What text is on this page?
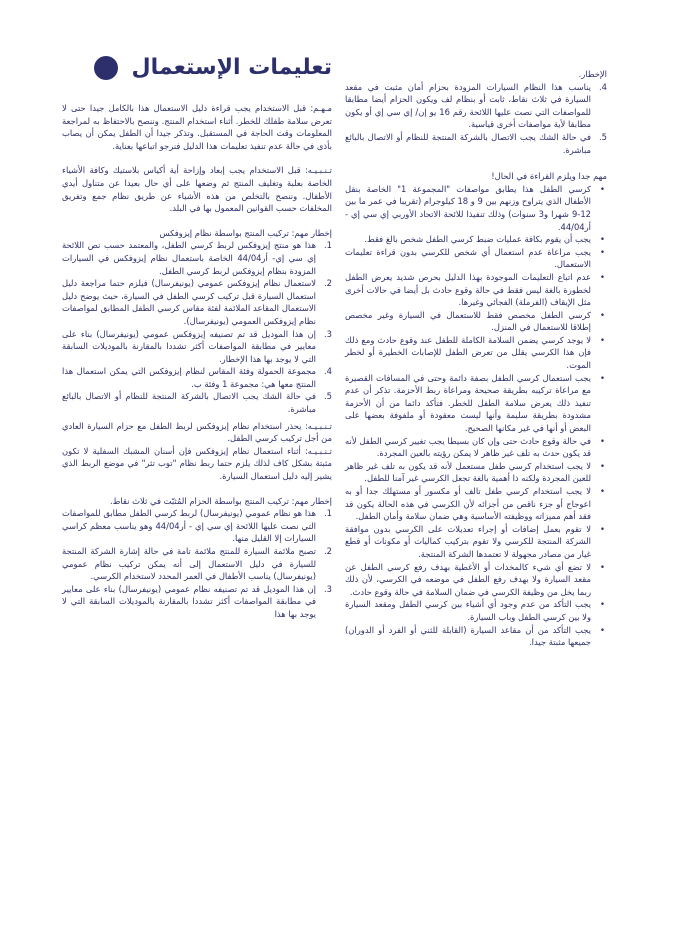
تعليمات الإستعمال

مـهـم: قبل الاستخدام يجب قراءة دليل الاستعمال هذا بالكامل جيدا حتى لا تعرض سلامة طفلك للخطر. أثناء استخدام المنتج. وننصح بالاحتفاظ به لمراجعة المعلومات وقت الحاجة في المستقبل. وتذكر جيدا أن الطفل يمكن أن يصاب بأذى في حالة عدم تنفيذ تعليمات هذا الدليل فنرجو اتباعها بعناية.

تـنـبـيـه: قبل الاستخدام يجب إبعاد وإزاحة أية أكياس بلاستيك وكافة الأشياء الخاصة بعلبة وتغليف المنتج ثم وضعها على أي حال بعيدا عن متناول أيدي الأطفال. وننصح بالتخلص من هذه الأشياء عن طريق نظام جمع وتفريق المخلفات حسب القوانين المعمول بها في البلد.

إخطار مهم: تركيب المنتج بواسطة نظام إيزوفكس

1.
هذا هو منتج إيزوفكس لربط كرسي الطفل، والمعتمد حسب نص اللائحة إي سي إي- أر44/04 الخاصة باستعمال نظام إيزوفكس في السيارات المزودة بنظام إيزوفكس لربط كرسي الطفل.
2.
لاستعمال نظام إيزوفكس عمومي (يونيفرسال) فيلزم حتما مراجعة دليل استعمال السيارة قبل تركيب كرسي الطفل في السيارة، حيث يوضح دليل الاستعمال المقاعد الملائمة لفئة مقاس كرسي الطفل المطابق لمواصفات نظام إيزوفكس العمومي (يونيفرسال).
3.
إن هذا الموديل قد تم تصنيفه إيزوفكس عمومي (يونيفرسال) بناء على معايير في مطابقة المواصفات أكثر تشددا بالمقارنة بالموديلات السابقة التي لا يوجد بها هذا الإخطار.
4.
مجموعة الحمولة وفئة المقاس لنظام إيزوفكس التي يمكن استعمال هذا المنتج معها هي: مجموعة 1 وفئة ب.
5.
في حالة الشك يجب الاتصال بالشركة المنتجة للنظام أو الاتصال بالبائع مباشرة.

تـنـبـيـه: يحذر استخدام نظام إيزوفكس لربط الطفل مع حزام السيارة العادي من أجل تركيب كرسي الطفل.

تـنـبـيـه: أثناء استعمال نظام إيزوفكس فإن أسنان المشبك السفلية لا تكون مثبتة بشكل كاف لذلك يلزم حتما ربط نظام "توب تثر" في موضع الربط الذي يشير إليه دليل استعمال السيارة.

إخطار مهم: تركيب المنتج بواسطة الحزام المُثبّت في ثلاث نقاط.

1.
هذا هو نظام عمومي (يونيفرسال) لربط كرسي الطفل مطابق للمواصفات التي نصت عليها اللائحة إي سي إي - أر44/04 وهو يناسب معظم كراسي السيارات إلا القليل منها.
2.
تصبح ملائمة السيارة للمنتج ملائمة تامة في حالة إشارة الشركة المنتجة للسيارة في دليل الاستعمال إلى أنه يمكن تركيب نظام عمومي (يونيفرسال) يناسب الأطفال في العمر المحدد لاستخدام الكرسي.
3.
إن هذا الموديل قد تم تصنيفه نظام عمومي (يونيفرسال) بناء على معايير في مطابقة المواصفات أكثر تشددا بالمقارنة بالموديلات السابقة التي لا يوجد بها هذا

الإخطار.

4.
يناسب هذا النظام السيارات المزودة بحزام أمان مثبت في مقعد السيارة في ثلاث نقاط، ثابت أو بنظام لف ويكون الحزام أيضا مطابقا للمواصفات التي نصت عليها اللائحة رقم 16 يو إن/ إي سي إي أو يكون مطابقا لأية مواصفات أخرى قياسية.
5.
في حالة الشك يجب الاتصال بالشركة المنتجة للنظام أو الاتصال بالبائع مباشرة.

مهم جدا ويلزم القراءة في الحال!

•
كرسي الطفل هذا يطابق مواصفات "المجموعة 1" الخاصة بنقل الأطفال الذي يتراوح وزنهم بين 9 و 18 كيلوجرام (تقريبا في عمر ما بين 12-9 شهرا و3 سنوات) وذلك تنفيذا للائحة الاتحاد الأوربي إي سي إي - أر44/04.
•
يجب أن يقوم بكافة عمليات ضبط كرسي الطفل شخص بالغ فقط.
•
يجب مراعاة عدم استعمال أي شخص للكرسي بدون قراءة تعليمات الاستعمال.
•
عدم اتباع التعليمات الموجودة بهذا الدليل بحرص شديد يعرض الطفل لخطورة بالغة ليس فقط في حالة وقوع حادث بل أيضا في حالات أخرى مثل الإيقاف (الفرملة) الفجائي وغيرها.
•
كرسي الطفل مخصص فقط للاستعمال في السيارة وغير مخصص إطلاقا للاستعمال في المنزل.
•
لا يوجد كرسي يضمن السلامة الكاملة للطفل عند وقوع حادث ومع ذلك فإن هذا الكرسي يقلل من تعرض الطفل للإصابات الخطيرة أو لخطر الموت.
•
يجب استعمال كرسي الطفل بصفة دائمة وحتى في المسافات القصيرة مع مراعاة تركيبه بطريقة صحيحة ومراعاة ربط الأحزمة. تذكر أن عدم تنفيذ ذلك يعرض سلامة الطفل للخطر. فتأكد دائما من أن الأحزمة مشدودة بطريقة سليمة وأنها ليست معقودة أو ملفوفة بعضها على البعض أو أنها في غير مكانها الصحيح.
•
في حالة وقوع حادث حتى وإن كان بسيطا يجب تغيير كرسي الطفل لأنه قد يكون حدث به تلف غير ظاهر لا يمكن رؤيته بالعين المجردة.
•
لا يجب استخدام كرسي طفل مستعمل لأنه قد يكون به تلف غير ظاهر للعين المجردة ولكنه ذا أهمية بالغة تجعل الكرسي غير آمنا للطفل.
•
لا يجب استخدام كرسي طفل تالف أو مكسور أو مستهلك جدا أو به اعوجاج أو جزء ناقص من أجزائه لأن الكرسي في هذه الحالة يكون قد فقد أهم مميزاته ووظيفته الأساسية وهي ضمان سلامة وأمان الطفل.
•
لا تقوم بعمل إضافات أو إجراء تعديلات على الكرسي بدون موافقة الشركة المنتجة للكرسي ولا تقوم بتركيب كماليات أو مكونات أو قطع غيار من مصادر مجهولة لا تعتمدها الشركة المنتجة.
•
لا تضع أي شيء كالمخدات أو الأغطية بهدف رفع كرسي الطفل عن مقعد السيارة ولا بهدف رفع الطفل في موضعه في الكرسي، لأن ذلك ربما يخل من وظيفة الكرسي في ضمان السلامة في حالة وقوع حادث.
•
يجب التأكد من عدم وجود أي أشياء بين كرسي الطفل ومقعد السيارة ولا بين كرسي الطفل وباب السيارة.
•
يجب التأكد من أن مقاعد السيارة (القابلة للثني أو الفرد أو الدوران) جميعها مثبتة جيدا.
